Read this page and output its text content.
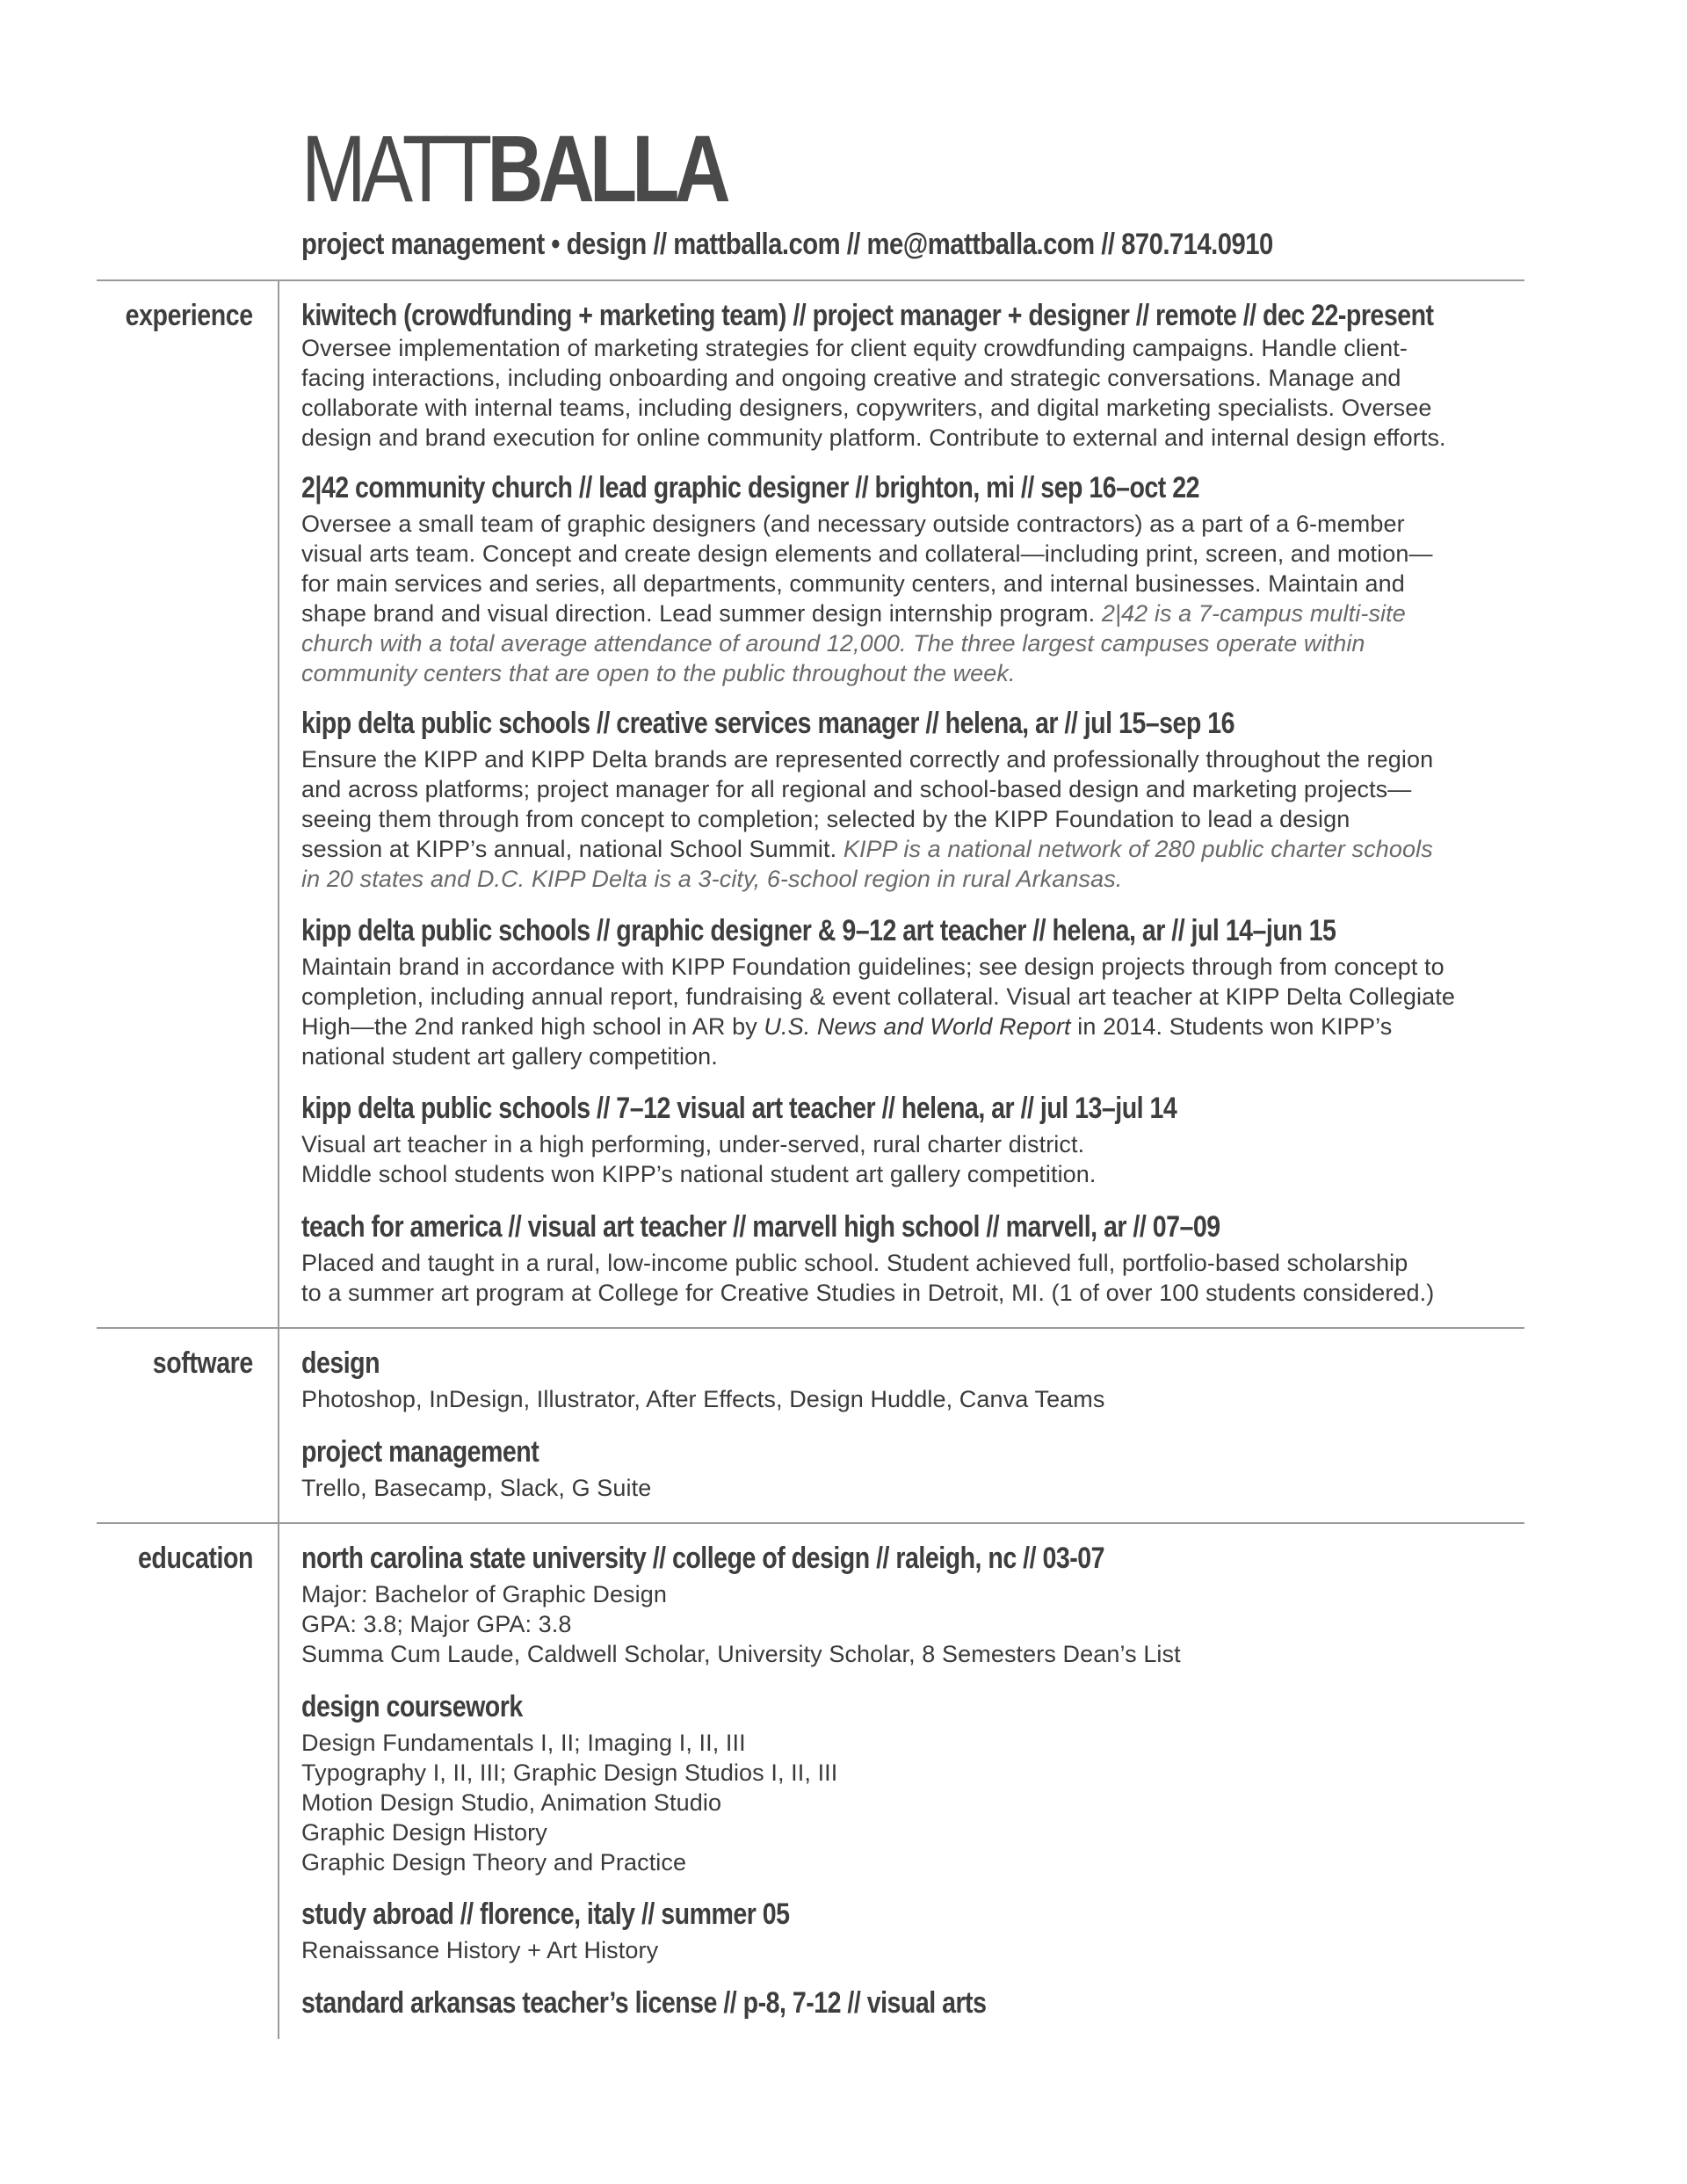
MATTBALLA
project management • design // mattballa.com // me@mattballa.com // 870.714.0910
experience
software
education
kiwitech (crowdfunding + marketing team) // project manager + designer // remote // dec 22-present
Oversee implementation of marketing strategies for client equity crowdfunding campaigns. Handle client-
facing interactions, including onboarding and ongoing creative and strategic conversations. Manage and
collaborate with internal teams, including designers, copywriters, and digital marketing specialists. Oversee
design and brand execution for online community platform. Contribute to external and internal design efforts.
2|42 community church // lead graphic designer // brighton, mi // sep 16–oct 22
Oversee a small team of graphic designers (and necessary outside contractors) as a part of a 6-member
visual arts team. Concept and create design elements and collateral—including print, screen, and motion—
for main services and series, all departments, community centers, and internal businesses. Maintain and
shape brand and visual direction. Lead summer design internship program. 2|42 is a 7-campus multi-site
church with a total average attendance of around 12,000. The three largest campuses operate within
community centers that are open to the public throughout the week.
kipp delta public schools // creative services manager // helena, ar // jul 15–sep 16
Ensure the KIPP and KIPP Delta brands are represented correctly and professionally throughout the region
and across platforms; project manager for all regional and school-based design and marketing projects—
seeing them through from concept to completion; selected by the KIPP Foundation to lead a design
session at KIPP’s annual, national School Summit. KIPP is a national network of 280 public charter schools
in 20 states and D.C. KIPP Delta is a 3-city, 6-school region in rural Arkansas.
kipp delta public schools // graphic designer & 9–12 art teacher // helena, ar // jul 14–jun 15
Maintain brand in accordance with KIPP Foundation guidelines; see design projects through from concept to
completion, including annual report, fundraising & event collateral. Visual art teacher at KIPP Delta Collegiate
High—the 2nd ranked high school in AR by U.S. News and World Report in 2014. Students won KIPP’s
national student art gallery competition.
kipp delta public schools // 7–12 visual art teacher // helena, ar // jul 13–jul 14
Visual art teacher in a high performing, under-served, rural charter district.
Middle school students won KIPP’s national student art gallery competition.
teach for america // visual art teacher // marvell high school // marvell, ar // 07–09
Placed and taught in a rural, low-income public school. Student achieved full, portfolio-based scholarship
to a summer art program at College for Creative Studies in Detroit, MI. (1 of over 100 students considered.)
design
Photoshop, InDesign, Illustrator, After Effects, Design Huddle, Canva Teams
project management
Trello, Basecamp, Slack, G Suite
north carolina state university // college of design // raleigh, nc // 03-07
Major: Bachelor of Graphic Design
GPA: 3.8; Major GPA: 3.8
Summa Cum Laude, Caldwell Scholar, University Scholar, 8 Semesters Dean’s List
design coursework
Design Fundamentals I, II; Imaging I, II, III
Typography I, II, III; Graphic Design Studios I, II, III
Motion Design Studio, Animation Studio
Graphic Design History
Graphic Design Theory and Practice
study abroad // florence, italy // summer 05
Renaissance History + Art History
standard arkansas teacher’s license // p-8, 7-12 // visual arts
